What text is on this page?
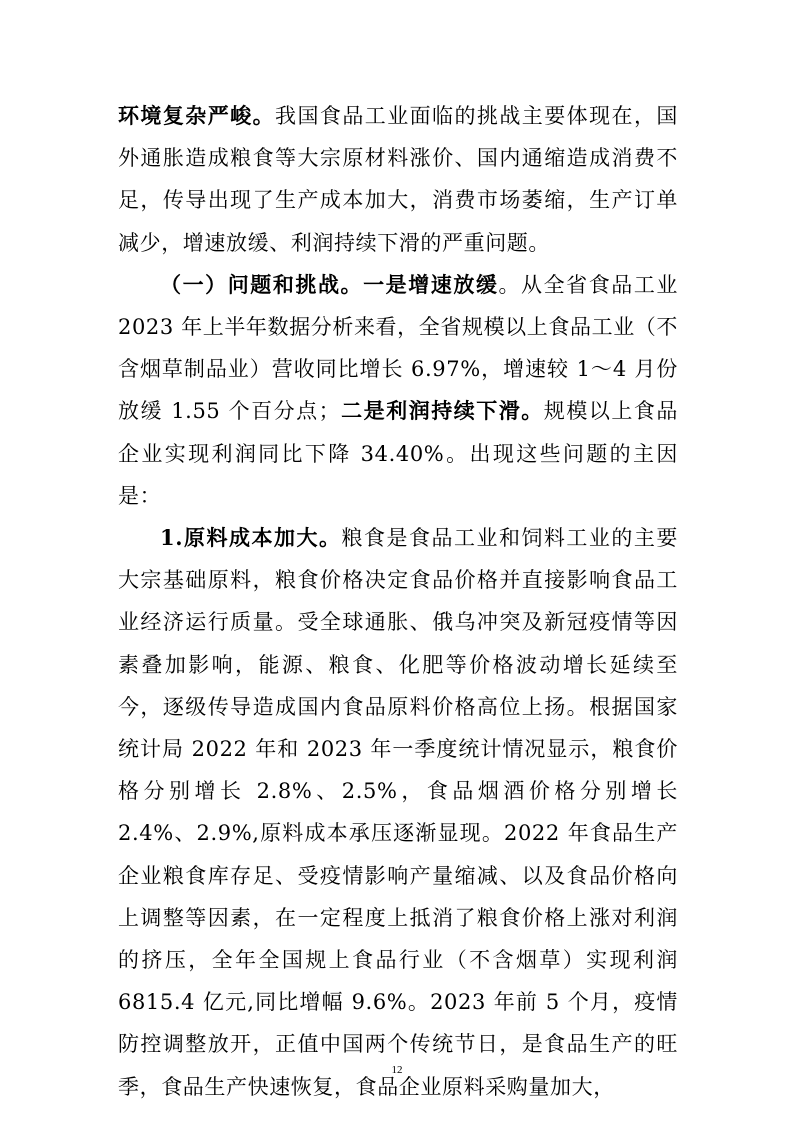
环境复杂严峻。我国食品工业面临的挑战主要体现在，国外通胀造成粮食等大宗原材料涨价、国内通缩造成消费不足，传导出现了生产成本加大，消费市场萎缩，生产订单减少，增速放缓、利润持续下滑的严重问题。

（一）问题和挑战。一是增速放缓。从全省食品工业 2023 年上半年数据分析来看，全省规模以上食品工业（不含烟草制品业）营收同比增长 6.97%，增速较 1～4 月份放缓 1.55 个百分点；二是利润持续下滑。规模以上食品企业实现利润同比下降 34.40%。出现这些问题的主因是：

1.原料成本加大。粮食是食品工业和饲料工业的主要大宗基础原料，粮食价格决定食品价格并直接影响食品工业经济运行质量。受全球通胀、俄乌冲突及新冠疫情等因素叠加影响，能源、粮食、化肥等价格波动增长延续至今，逐级传导造成国内食品原料价格高位上扬。根据国家统计局 2022 年和 2023 年一季度统计情况显示，粮食价格分别增长 2.8%、2.5%，食品烟酒价格分别增长 2.4%、2.9%,原料成本承压逐渐显现。2022 年食品生产企业粮食库存足、受疫情影响产量缩减、以及食品价格向上调整等因素，在一定程度上抵消了粮食价格上涨对利润的挤压，全年全国规上食品行业（不含烟草）实现利润 6815.4 亿元,同比增幅 9.6%。2023 年前 5 个月，疫情防控调整放开，正值中国两个传统节日，是食品生产的旺季，食品生产快速恢复，食品企业原料采购量加大，

12
